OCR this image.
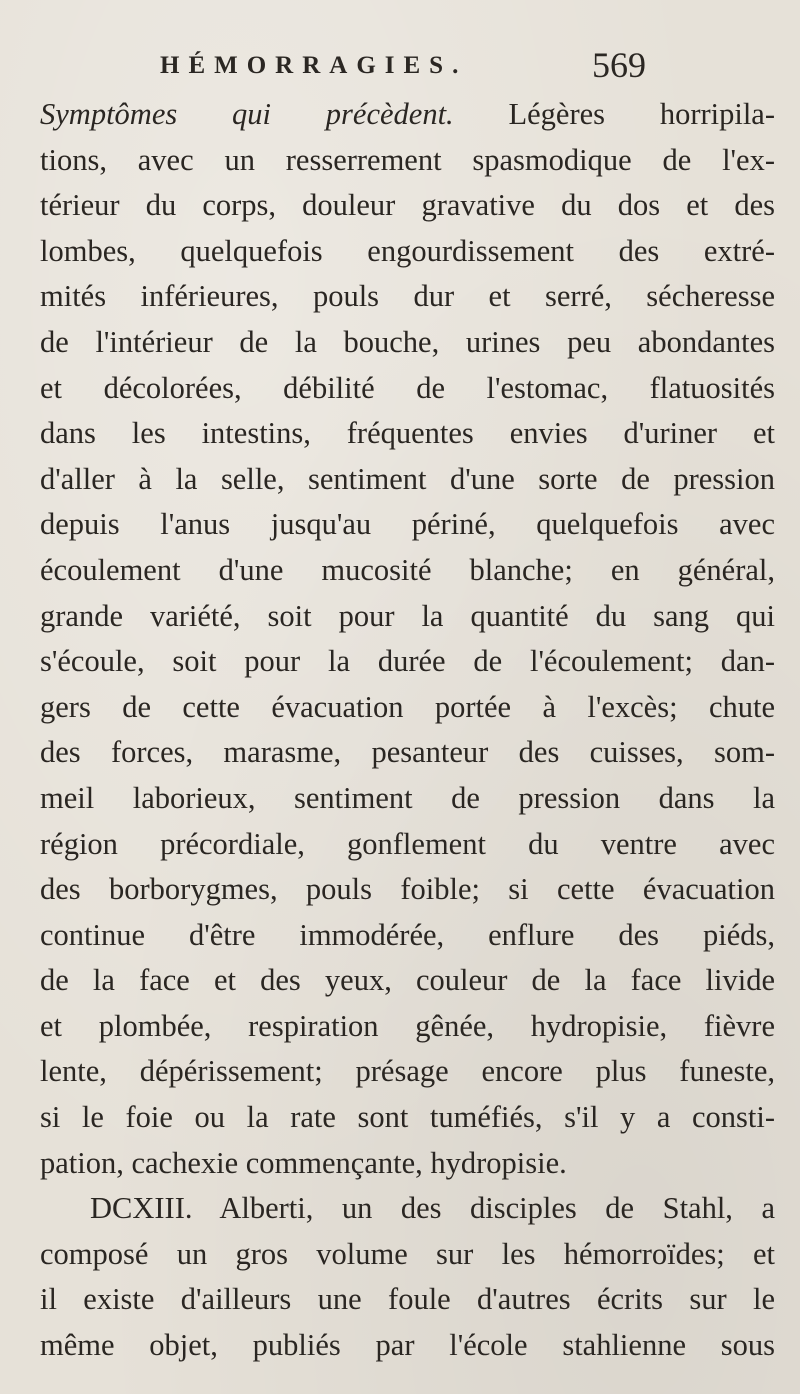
HÉMORRAGIES.	569
Symptômes qui précèdent. Légères horripila-
tions, avec un resserrement spasmodique de l'ex-
térieur du corps, douleur gravative du dos et des
lombes, quelquefois engourdissement des extré-
mités inférieures, pouls dur et serré, sécheresse
de l'intérieur de la bouche, urines peu abondantes
et décolorées, débilité de l'estomac, flatuosités
dans les intestins, fréquentes envies d'uriner et
d'aller à la selle, sentiment d'une sorte de pression
depuis l'anus jusqu'au périné, quelquefois avec
écoulement d'une mucosité blanche; en général,
grande variété, soit pour la quantité du sang qui
s'écoule, soit pour la durée de l'écoulement; dan-
gers de cette évacuation portée à l'excès; chute
des forces, marasme, pesanteur des cuisses, som-
meil laborieux, sentiment de pression dans la
région précordiale, gonflement du ventre avec
des borborygmes, pouls foible; si cette évacuation
continue d'être immodérée, enflure des piéds,
de la face et des yeux, couleur de la face livide
et plombée, respiration gênée, hydropisie, fièvre
lente, dépérissement; présage encore plus funeste,
si le foie ou la rate sont tuméfiés, s'il y a consti-
pation, cachexie commençante, hydropisie.
DCXIII. Alberti, un des disciples de Stahl, a
composé un gros volume sur les hémorroïdes; et
il existe d'ailleurs une foule d'autres écrits sur le
même objet, publiés par l'école stahlienne sous
